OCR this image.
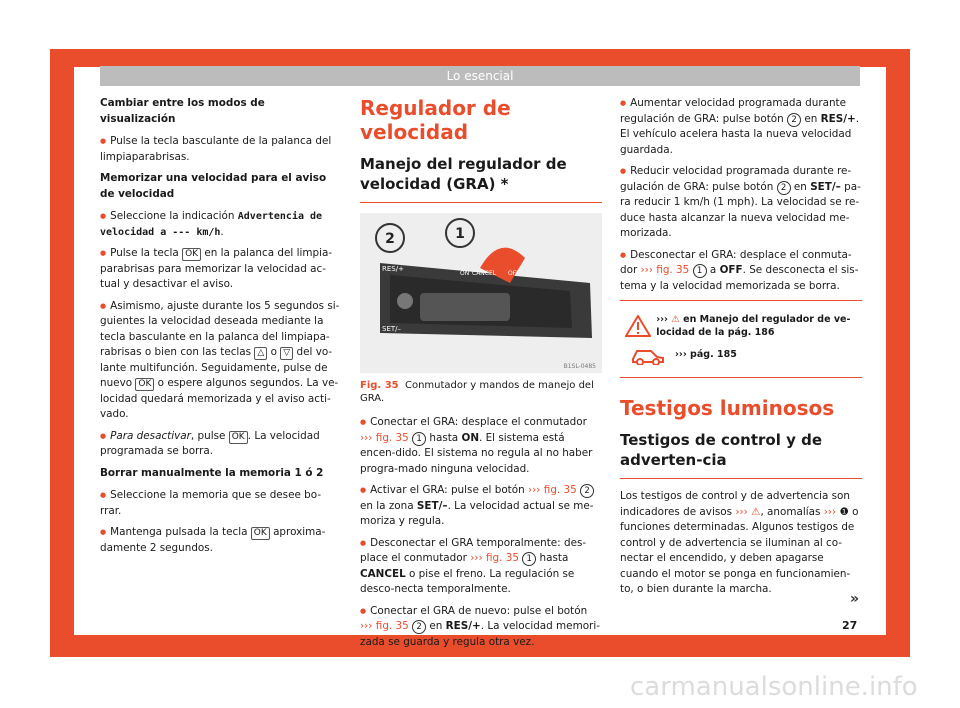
Lo esencial

Cambiar entre los modos de visualización

● Pulse la tecla basculante de la palanca del limpiaparabrisas.

Memorizar una velocidad para el aviso de velocidad

● Seleccione la indicación Advertencia de velocidad a --- km/h.

● Pulse la tecla OK en la palanca del limpia-parabrisas para memorizar la velocidad ac-tual y desactivar el aviso.

● Asimismo, ajuste durante los 5 segundos si-guientes la velocidad deseada mediante la tecla basculante en la palanca del limpiapa-rabrisas o bien con las teclas △ o ▽ del vo-lante multifunción. Seguidamente, pulse de nuevo OK o espere algunos segundos. La ve-locidad quedará memorizada y el aviso acti-vado.

● Para desactivar, pulse OK . La velocidad programada se borra.

Borrar manualmente la memoria 1 ó 2

● Seleccione la memoria que se desee bo-rrar.

● Mantenga pulsada la tecla OK aproxima-damente 2 segundos.

Regulador de velocidad
Manejo del regulador de velocidad (GRA) *
2	1
RES/+
ON CANCEL OFF
SET/–
B1SL-0485

Fig. 35 Conmutador y mandos de manejo del GRA.

● Conectar el GRA: desplace el conmutador ››› fig. 35 1 hasta ON. El sistema está encen-dido. El sistema no regula al no haber progra-mado ninguna velocidad.

● Activar el GRA: pulse el botón ››› fig. 35 2 en la zona SET/–. La velocidad actual se me-moriza y regula.

● Desconectar el GRA temporalmente: des-place el conmutador ››› fig. 35 1 hasta CANCEL o pise el freno. La regulación se desco-necta temporalmente.

● Conectar el GRA de nuevo: pulse el botón ››› fig. 35 2 en RES/+. La velocidad memori-zada se guarda y regula otra vez.

● Aumentar velocidad programada durante regulación de GRA: pulse botón 2 en RES/+. El vehículo acelera hasta la nueva velocidad guardada.

● Reducir velocidad programada durante re-gulación de GRA: pulse botón 2 en SET/– pa-ra reducir 1 km/h (1 mph). La velocidad se re-duce hasta alcanzar la nueva velocidad me-morizada.

● Desconectar el GRA: desplace el conmuta-dor ››› fig. 35 1 a OFF. Se desconecta el sis-tema y la velocidad memorizada se borra.

››› ⚠ en Manejo del regulador de ve-locidad de la pág. 186
››› pág. 185
Testigos luminosos
Testigos de control y de adverten-cia

Los testigos de control y de advertencia son indicadores de avisos ››› ⚠, anomalías ››› ❶ o funciones determinadas. Algunos testigos de control y de advertencia se iluminan al co-nectar el encendido, y deben apagarse cuando el motor se ponga en funcionamien-to, o bien durante la marcha.

»
27
carmanualsonline.info
